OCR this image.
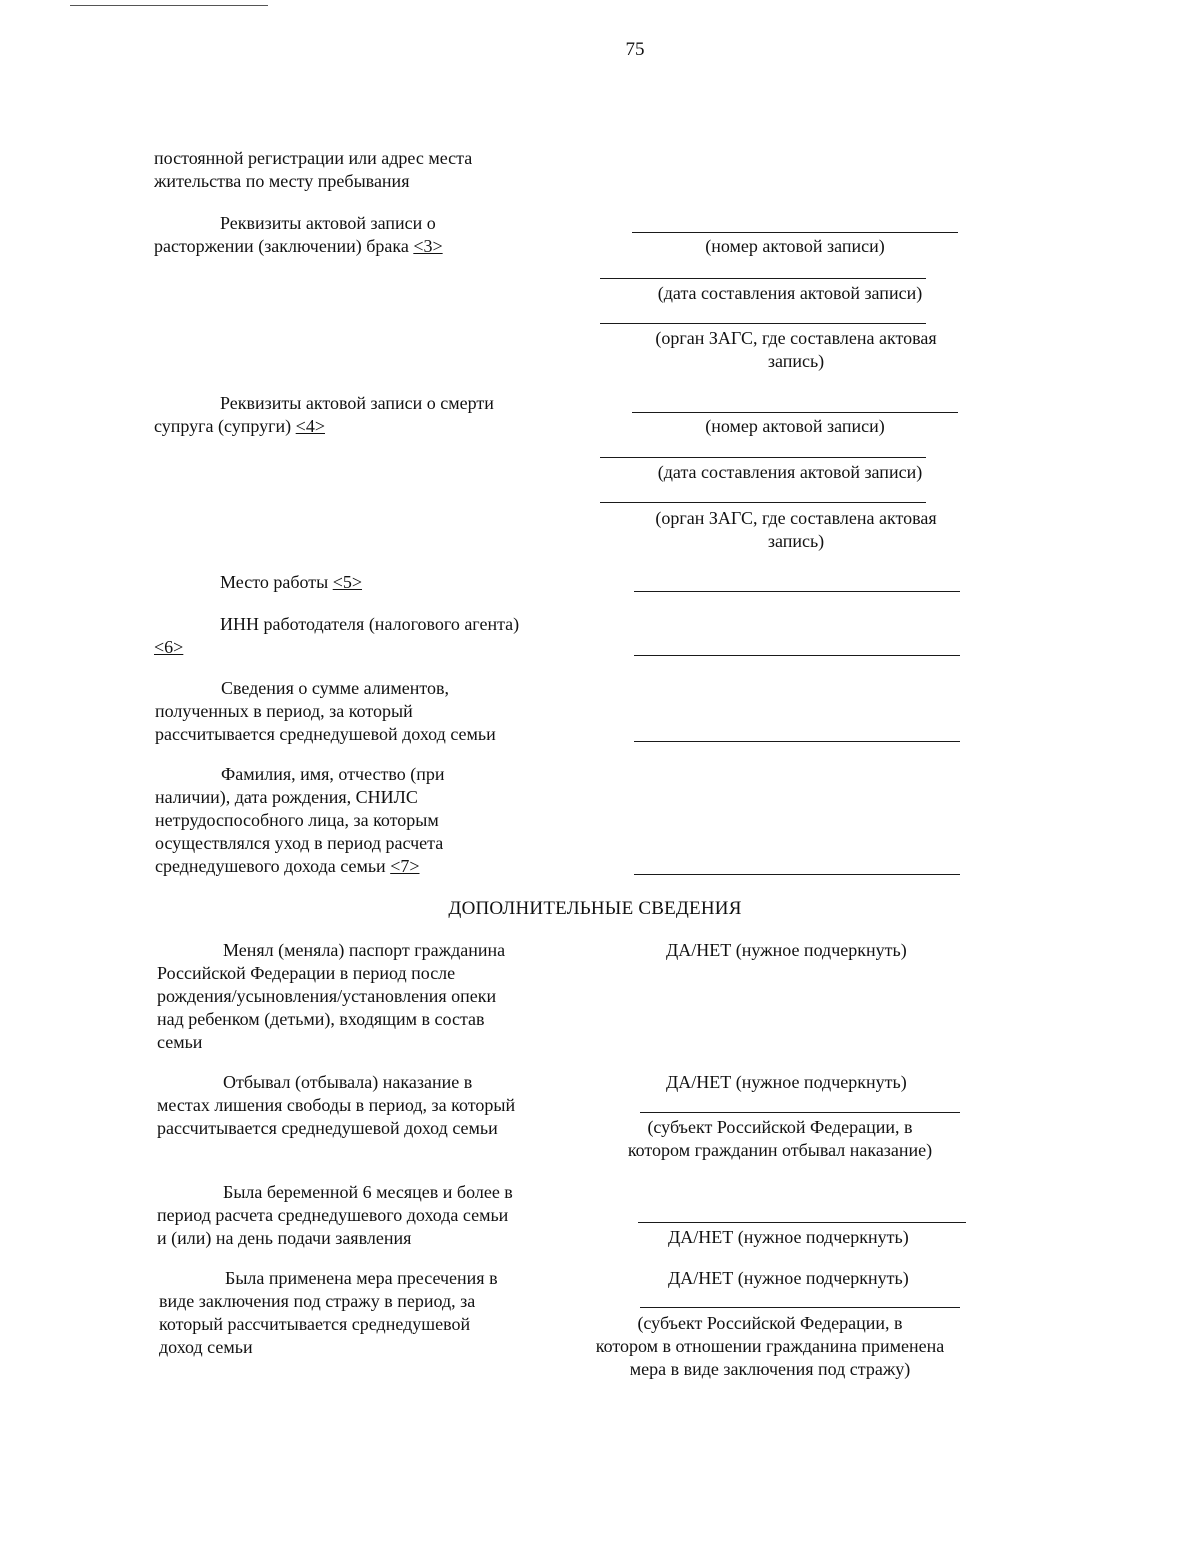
75
постоянной регистрации или адрес места
жительства по месту пребывания
Реквизиты актовой записи о
расторжении (заключении) брака <3>	(номер актовой записи)
(дата составления актовой записи)
(орган ЗАГС, где составлена актовая
запись)
Реквизиты актовой записи о смерти
супруга (супруги) <4>	(номер актовой записи)
(дата составления актовой записи)
(орган ЗАГС, где составлена актовая
запись)
Место работы <5>
ИНН работодателя (налогового агента)
<6>
Сведения о сумме алиментов,
полученных в период, за который
рассчитывается среднедушевой доход семьи
Фамилия, имя, отчество (при
наличии), дата рождения, СНИЛС
нетрудоспособного лица, за которым
осуществлялся уход в период расчета
среднедушевого дохода семьи <7>
ДОПОЛНИТЕЛЬНЫЕ СВЕДЕНИЯ
Менял (меняла) паспорт гражданина
Российской Федерации в период после
рождения/усыновления/установления опеки
над ребенком (детьми), входящим в состав
семьи
ДА/НЕТ (нужное подчеркнуть)
Отбывал (отбывала) наказание в
местах лишения свободы в период, за который
рассчитывается среднедушевой доход семьи
ДА/НЕТ (нужное подчеркнуть)
(субъект Российской Федерации, в
котором гражданин отбывал наказание)
Была беременной 6 месяцев и более в
период расчета среднедушевого дохода семьи
и (или) на день подачи заявления	ДА/НЕТ (нужное подчеркнуть)
Была применена мера пресечения в
виде заключения под стражу в период, за
который рассчитывается среднедушевой
доход семьи
ДА/НЕТ (нужное подчеркнуть)
(субъект Российской Федерации, в
котором в отношении гражданина применена
мера в виде заключения под стражу)
